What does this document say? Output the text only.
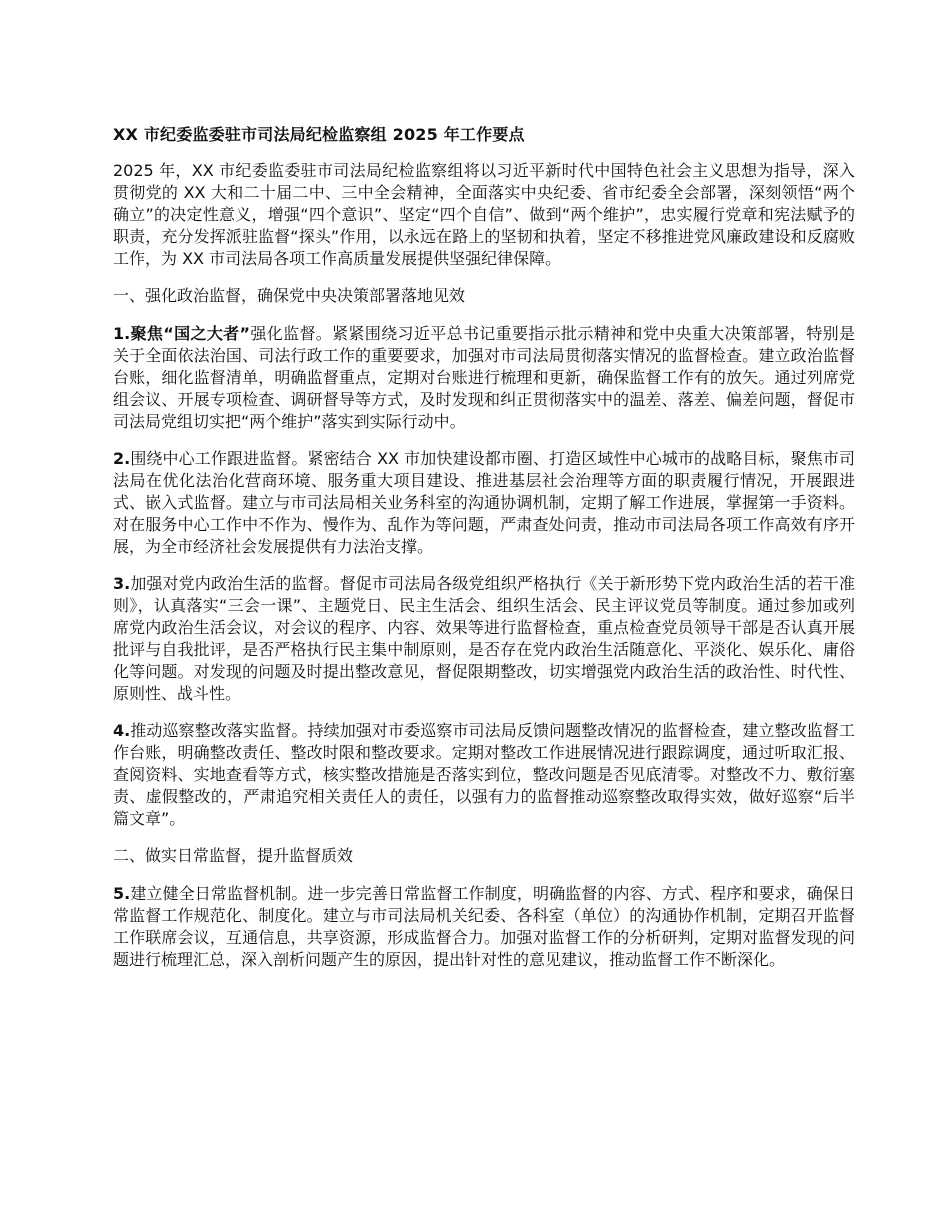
XX 市纪委监委驻市司法局纪检监察组 2025 年工作要点

2025 年，XX 市纪委监委驻市司法局纪检监察组将以习近平新时代中国特色社会主义思想为指导，深入贯彻党的 XX 大和二十届二中、三中全会精神，全面落实中央纪委、省市纪委全会部署，深刻领悟“两个确立”的决定性意义，增强“四个意识”、坚定“四个自信”、做到“两个维护”，忠实履行党章和宪法赋予的职责，充分发挥派驻监督“探头”作用，以永远在路上的坚韧和执着，坚定不移推进党风廉政建设和反腐败工作，为 XX 市司法局各项工作高质量发展提供坚强纪律保障。

一、强化政治监督，确保党中央决策部署落地见效

1.聚焦“国之大者”强化监督。紧紧围绕习近平总书记重要指示批示精神和党中央重大决策部署，特别是关于全面依法治国、司法行政工作的重要要求，加强对市司法局贯彻落实情况的监督检查。建立政治监督台账，细化监督清单，明确监督重点，定期对台账进行梳理和更新，确保监督工作有的放矢。通过列席党组会议、开展专项检查、调研督导等方式，及时发现和纠正贯彻落实中的温差、落差、偏差问题，督促市司法局党组切实把“两个维护”落实到实际行动中。

2.围绕中心工作跟进监督。紧密结合 XX 市加快建设都市圈、打造区域性中心城市的战略目标，聚焦市司法局在优化法治化营商环境、服务重大项目建设、推进基层社会治理等方面的职责履行情况，开展跟进式、嵌入式监督。建立与市司法局相关业务科室的沟通协调机制，定期了解工作进展，掌握第一手资料。对在服务中心工作中不作为、慢作为、乱作为等问题，严肃查处问责，推动市司法局各项工作高效有序开展，为全市经济社会发展提供有力法治支撑。

3.加强对党内政治生活的监督。督促市司法局各级党组织严格执行《关于新形势下党内政治生活的若干准则》，认真落实“三会一课”、主题党日、民主生活会、组织生活会、民主评议党员等制度。通过参加或列席党内政治生活会议，对会议的程序、内容、效果等进行监督检查，重点检查党员领导干部是否认真开展批评与自我批评，是否严格执行民主集中制原则，是否存在党内政治生活随意化、平淡化、娱乐化、庸俗化等问题。对发现的问题及时提出整改意见，督促限期整改，切实增强党内政治生活的政治性、时代性、原则性、战斗性。

4.推动巡察整改落实监督。持续加强对市委巡察市司法局反馈问题整改情况的监督检查，建立整改监督工作台账，明确整改责任、整改时限和整改要求。定期对整改工作进展情况进行跟踪调度，通过听取汇报、查阅资料、实地查看等方式，核实整改措施是否落实到位，整改问题是否见底清零。对整改不力、敷衍塞责、虚假整改的，严肃追究相关责任人的责任，以强有力的监督推动巡察整改取得实效，做好巡察“后半篇文章”。

二、做实日常监督，提升监督质效

5.建立健全日常监督机制。进一步完善日常监督工作制度，明确监督的内容、方式、程序和要求，确保日常监督工作规范化、制度化。建立与市司法局机关纪委、各科室（单位）的沟通协作机制，定期召开监督工作联席会议，互通信息，共享资源，形成监督合力。加强对监督工作的分析研判，定期对监督发现的问题进行梳理汇总，深入剖析问题产生的原因，提出针对性的意见建议，推动监督工作不断深化。
